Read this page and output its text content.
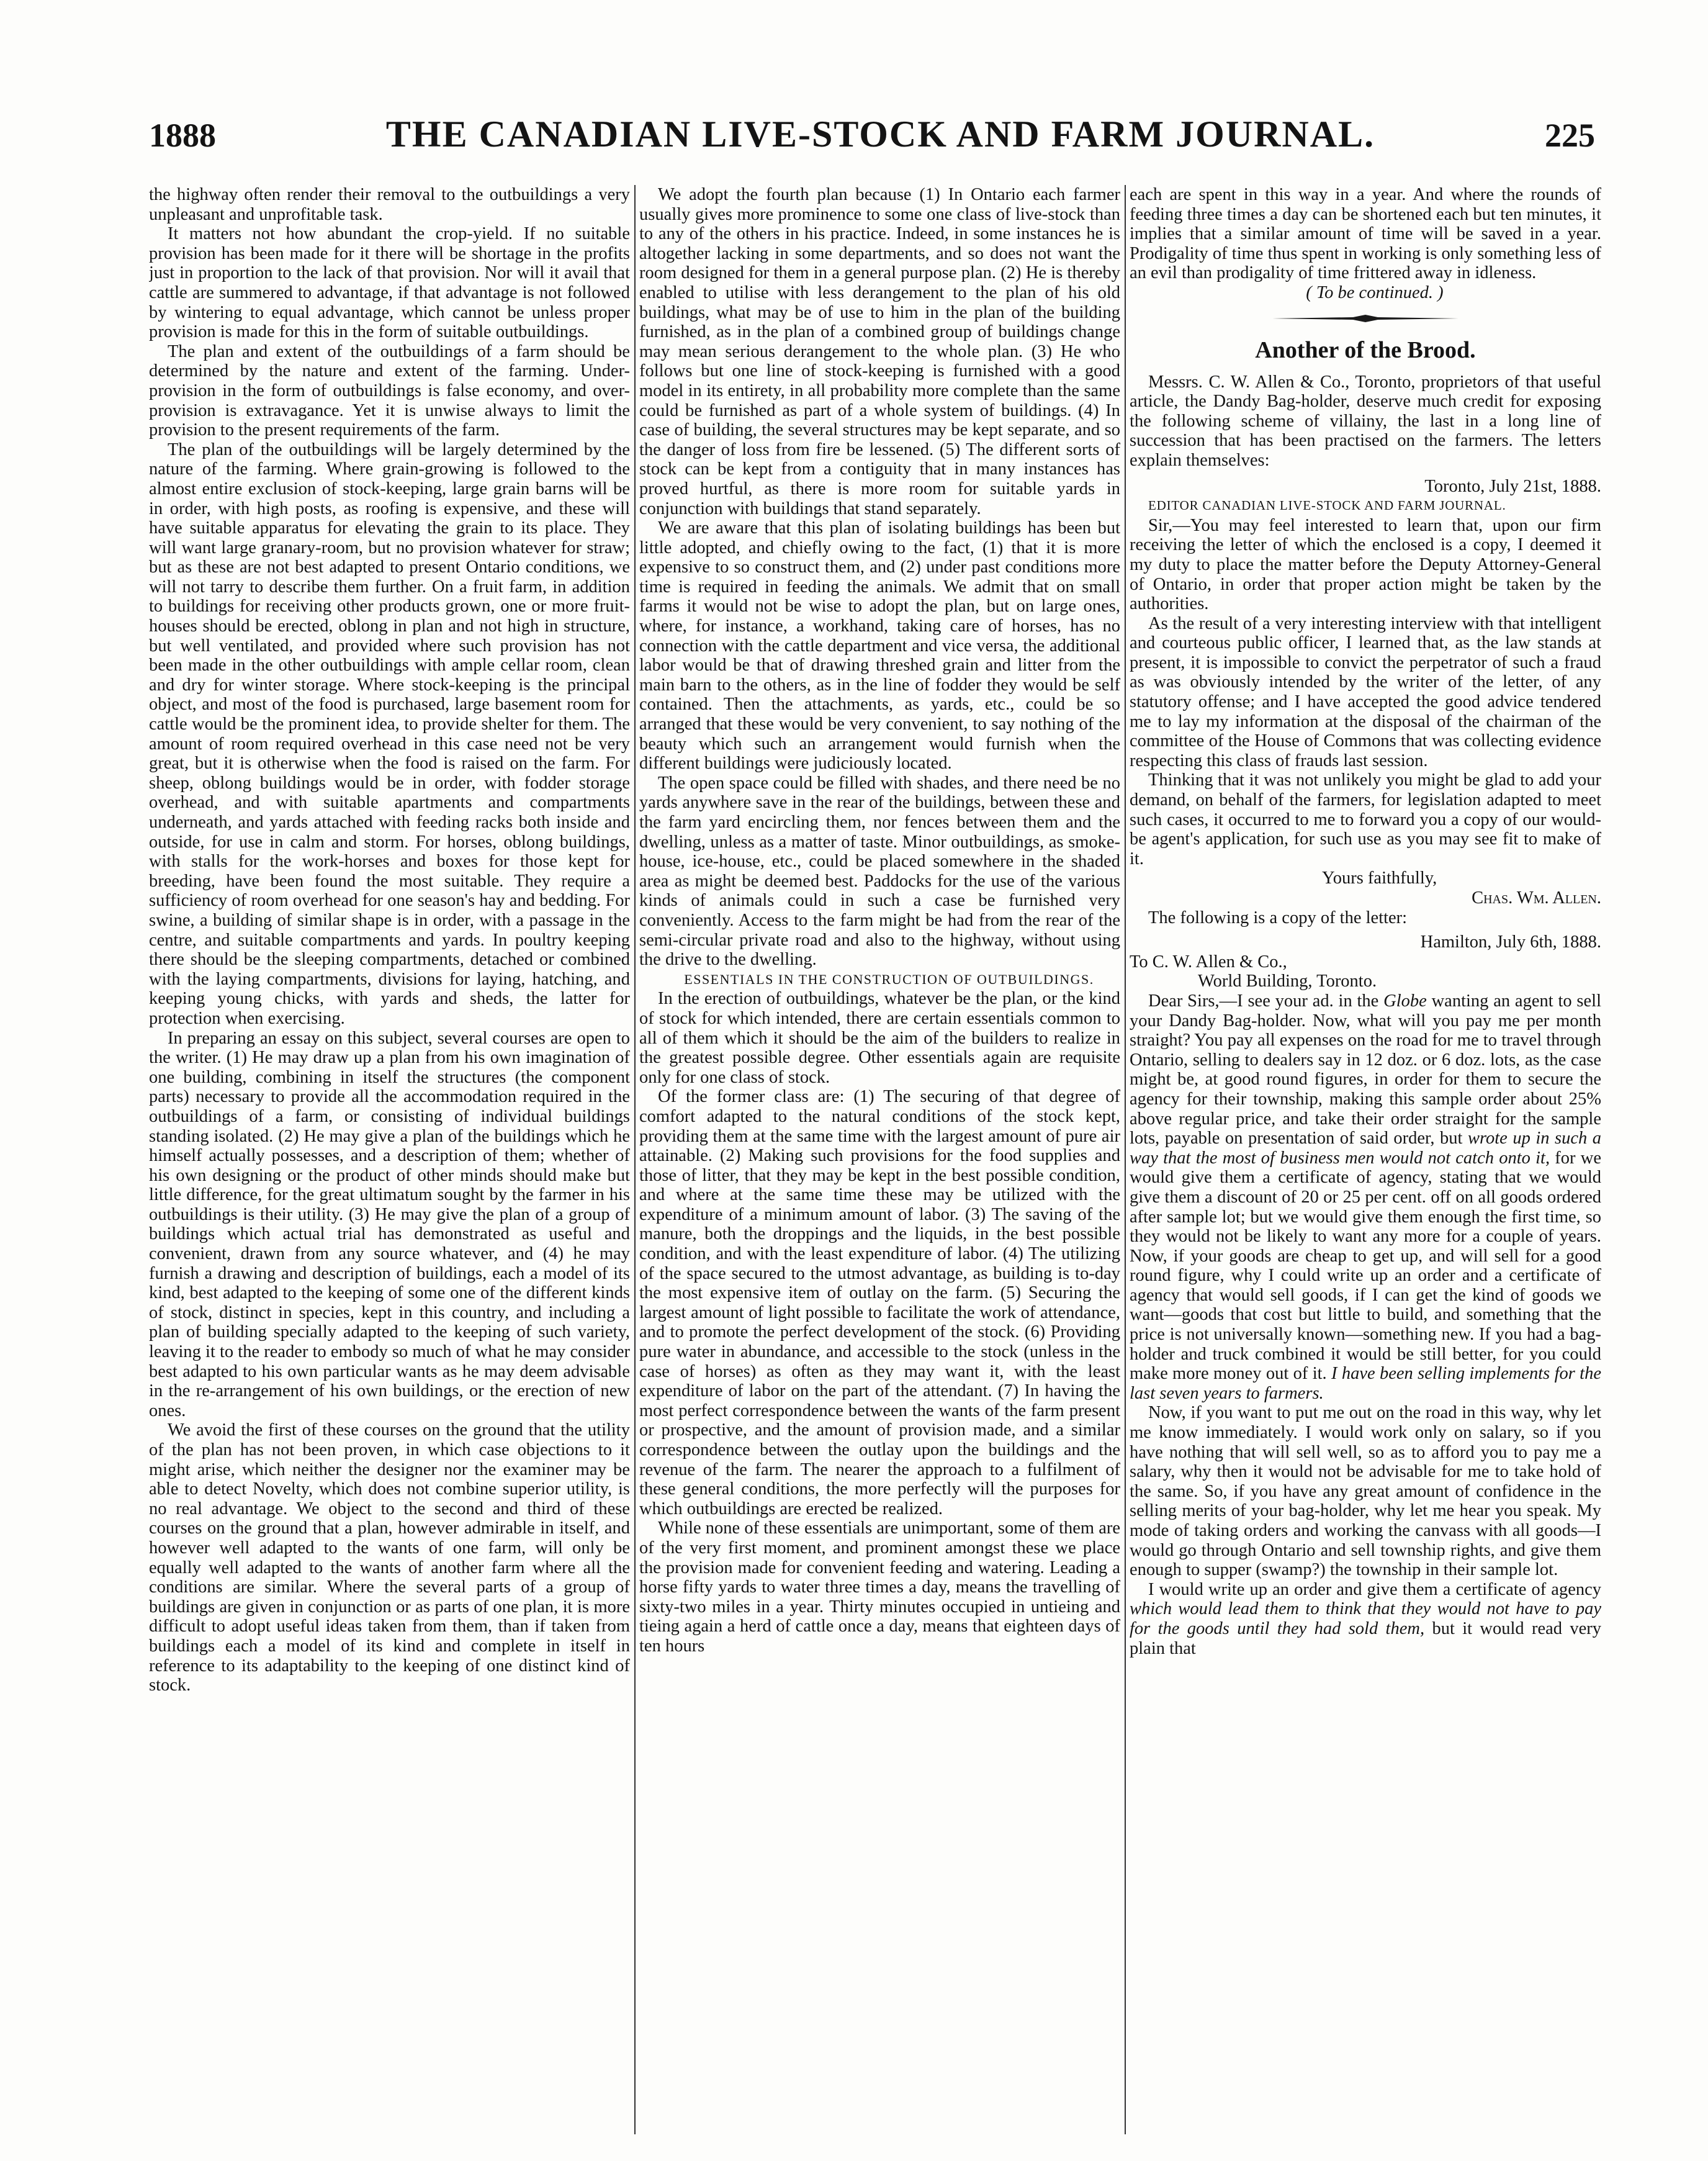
1888	THE CANADIAN LIVE-STOCK AND FARM JOURNAL.	225

the highway often render their removal to the outbuildings a very unpleasant and unprofitable task.

It matters not how abundant the crop-yield. If no suitable provision has been made for it there will be shortage in the profits just in proportion to the lack of that provision. Nor will it avail that cattle are summered to advantage, if that advantage is not followed by wintering to equal advantage, which cannot be unless proper provision is made for this in the form of suitable outbuildings.

The plan and extent of the outbuildings of a farm should be determined by the nature and extent of the farming. Under-provision in the form of outbuildings is false economy, and over-provision is extravagance. Yet it is unwise always to limit the provision to the present requirements of the farm.

The plan of the outbuildings will be largely determined by the nature of the farming. Where grain-growing is followed to the almost entire exclusion of stock-keeping, large grain barns will be in order, with high posts, as roofing is expensive, and these will have suitable apparatus for elevating the grain to its place. They will want large granary-room, but no provision whatever for straw; but as these are not best adapted to present Ontario conditions, we will not tarry to describe them further. On a fruit farm, in addition to buildings for receiving other products grown, one or more fruit-houses should be erected, oblong in plan and not high in structure, but well ventilated, and provided where such provision has not been made in the other outbuildings with ample cellar room, clean and dry for winter storage. Where stock-keeping is the principal object, and most of the food is purchased, large basement room for cattle would be the prominent idea, to provide shelter for them. The amount of room required overhead in this case need not be very great, but it is otherwise when the food is raised on the farm. For sheep, oblong buildings would be in order, with fodder storage overhead, and with suitable apartments and compartments underneath, and yards attached with feeding racks both inside and outside, for use in calm and storm. For horses, oblong buildings, with stalls for the work-horses and boxes for those kept for breeding, have been found the most suitable. They require a sufficiency of room overhead for one season's hay and bedding. For swine, a building of similar shape is in order, with a passage in the centre, and suitable compartments and yards. In poultry keeping there should be the sleeping compartments, detached or combined with the laying compartments, divisions for laying, hatching, and keeping young chicks, with yards and sheds, the latter for protection when exercising.

In preparing an essay on this subject, several courses are open to the writer. (1) He may draw up a plan from his own imagination of one building, combining in itself the structures (the component parts) necessary to provide all the accommodation required in the outbuildings of a farm, or consisting of individual buildings standing isolated. (2) He may give a plan of the buildings which he himself actually possesses, and a description of them; whether of his own designing or the product of other minds should make but little difference, for the great ultimatum sought by the farmer in his outbuildings is their utility. (3) He may give the plan of a group of buildings which actual trial has demonstrated as useful and convenient, drawn from any source whatever, and (4) he may furnish a drawing and description of buildings, each a model of its kind, best adapted to the keeping of some one of the different kinds of stock, distinct in species, kept in this country, and including a plan of building specially adapted to the keeping of such variety, leaving it to the reader to embody so much of what he may consider best adapted to his own particular wants as he may deem advisable in the re-arrangement of his own buildings, or the erection of new ones.

We avoid the first of these courses on the ground that the utility of the plan has not been proven, in which case objections to it might arise, which neither the designer nor the examiner may be able to detect Novelty, which does not combine superior utility, is no real advantage. We object to the second and third of these courses on the ground that a plan, however admirable in itself, and however well adapted to the wants of one farm, will only be equally well adapted to the wants of another farm where all the conditions are similar. Where the several parts of a group of buildings are given in conjunction or as parts of one plan, it is more difficult to adopt useful ideas taken from them, than if taken from buildings each a model of its kind and complete in itself in reference to its adaptability to the keeping of one distinct kind of stock.

We adopt the fourth plan because (1) In Ontario each farmer usually gives more prominence to some one class of live-stock than to any of the others in his practice. Indeed, in some instances he is altogether lacking in some departments, and so does not want the room designed for them in a general purpose plan. (2) He is thereby enabled to utilise with less derangement to the plan of his old buildings, what may be of use to him in the plan of the building furnished, as in the plan of a combined group of buildings change may mean serious derangement to the whole plan. (3) He who follows but one line of stock-keeping is furnished with a good model in its entirety, in all probability more complete than the same could be furnished as part of a whole system of buildings. (4) In case of building, the several structures may be kept separate, and so the danger of loss from fire be lessened. (5) The different sorts of stock can be kept from a contiguity that in many instances has proved hurtful, as there is more room for suitable yards in conjunction with buildings that stand separately.

We are aware that this plan of isolating buildings has been but little adopted, and chiefly owing to the fact, (1) that it is more expensive to so construct them, and (2) under past conditions more time is required in feeding the animals. We admit that on small farms it would not be wise to adopt the plan, but on large ones, where, for instance, a workhand, taking care of horses, has no connection with the cattle department and vice versa, the additional labor would be that of drawing threshed grain and litter from the main barn to the others, as in the line of fodder they would be self contained. Then the attachments, as yards, etc., could be so arranged that these would be very convenient, to say nothing of the beauty which such an arrangement would furnish when the different buildings were judiciously located.

The open space could be filled with shades, and there need be no yards anywhere save in the rear of the buildings, between these and the farm yard encircling them, nor fences between them and the dwelling, unless as a matter of taste. Minor outbuildings, as smoke-house, ice-house, etc., could be placed somewhere in the shaded area as might be deemed best. Paddocks for the use of the various kinds of animals could in such a case be furnished very conveniently. Access to the farm might be had from the rear of the semi-circular private road and also to the highway, without using the drive to the dwelling.

ESSENTIALS IN THE CONSTRUCTION OF OUTBUILDINGS.

In the erection of outbuildings, whatever be the plan, or the kind of stock for which intended, there are certain essentials common to all of them which it should be the aim of the builders to realize in the greatest possible degree. Other essentials again are requisite only for one class of stock.

Of the former class are: (1) The securing of that degree of comfort adapted to the natural conditions of the stock kept, providing them at the same time with the largest amount of pure air attainable. (2) Making such provisions for the food supplies and those of litter, that they may be kept in the best possible condition, and where at the same time these may be utilized with the expenditure of a minimum amount of labor. (3) The saving of the manure, both the droppings and the liquids, in the best possible condition, and with the least expenditure of labor. (4) The utilizing of the space secured to the utmost advantage, as building is to-day the most expensive item of outlay on the farm. (5) Securing the largest amount of light possible to facilitate the work of attendance, and to promote the perfect development of the stock. (6) Providing pure water in abundance, and accessible to the stock (unless in the case of horses) as often as they may want it, with the least expenditure of labor on the part of the attendant. (7) In having the most perfect correspondence between the wants of the farm present or prospective, and the amount of provision made, and a similar correspondence between the outlay upon the buildings and the revenue of the farm. The nearer the approach to a fulfilment of these general conditions, the more perfectly will the purposes for which outbuildings are erected be realized.

While none of these essentials are unimportant, some of them are of the very first moment, and prominent amongst these we place the provision made for convenient feeding and watering. Leading a horse fifty yards to water three times a day, means the travelling of sixty-two miles in a year. Thirty minutes occupied in untieing and tieing again a herd of cattle once a day, means that eighteen days of ten hours

each are spent in this way in a year. And where the rounds of feeding three times a day can be shortened each but ten minutes, it implies that a similar amount of time will be saved in a year. Prodigality of time thus spent in working is only something less of an evil than prodigality of time frittered away in idleness.

( To be continued. )

Another of the Brood.

Messrs. C. W. Allen & Co., Toronto, proprietors of that useful article, the Dandy Bag-holder, deserve much credit for exposing the following scheme of villainy, the last in a long line of succession that has been practised on the farmers. The letters explain themselves:

Toronto, July 21st, 1888.

EDITOR CANADIAN LIVE-STOCK AND FARM JOURNAL.

Sir,—You may feel interested to learn that, upon our firm receiving the letter of which the enclosed is a copy, I deemed it my duty to place the matter before the Deputy Attorney-General of Ontario, in order that proper action might be taken by the authorities.

As the result of a very interesting interview with that intelligent and courteous public officer, I learned that, as the law stands at present, it is impossible to convict the perpetrator of such a fraud as was obviously intended by the writer of the letter, of any statutory offense; and I have accepted the good advice tendered me to lay my information at the disposal of the chairman of the committee of the House of Commons that was collecting evidence respecting this class of frauds last session.

Thinking that it was not unlikely you might be glad to add your demand, on behalf of the farmers, for legislation adapted to meet such cases, it occurred to me to forward you a copy of our would-be agent's application, for such use as you may see fit to make of it.

Yours faithfully,

Chas. Wm. Allen.

The following is a copy of the letter:

Hamilton, July 6th, 1888.

To C. W. Allen & Co.,

World Building, Toronto.

Dear Sirs,—I see your ad. in the Globe wanting an agent to sell your Dandy Bag-holder. Now, what will you pay me per month straight? You pay all expenses on the road for me to travel through Ontario, selling to dealers say in 12 doz. or 6 doz. lots, as the case might be, at good round figures, in order for them to secure the agency for their township, making this sample order about 25% above regular price, and take their order straight for the sample lots, payable on presentation of said order, but wrote up in such a way that the most of business men would not catch onto it, for we would give them a certificate of agency, stating that we would give them a discount of 20 or 25 per cent. off on all goods ordered after sample lot; but we would give them enough the first time, so they would not be likely to want any more for a couple of years. Now, if your goods are cheap to get up, and will sell for a good round figure, why I could write up an order and a certificate of agency that would sell goods, if I can get the kind of goods we want—goods that cost but little to build, and something that the price is not universally known—something new. If you had a bag-holder and truck combined it would be still better, for you could make more money out of it. I have been selling implements for the last seven years to farmers.

Now, if you want to put me out on the road in this way, why let me know immediately. I would work only on salary, so if you have nothing that will sell well, so as to afford you to pay me a salary, why then it would not be advisable for me to take hold of the same. So, if you have any great amount of confidence in the selling merits of your bag-holder, why let me hear you speak. My mode of taking orders and working the canvass with all goods—I would go through Ontario and sell township rights, and give them enough to supper (swamp?) the township in their sample lot.

I would write up an order and give them a certificate of agency which would lead them to think that they would not have to pay for the goods until they had sold them, but it would read very plain that
